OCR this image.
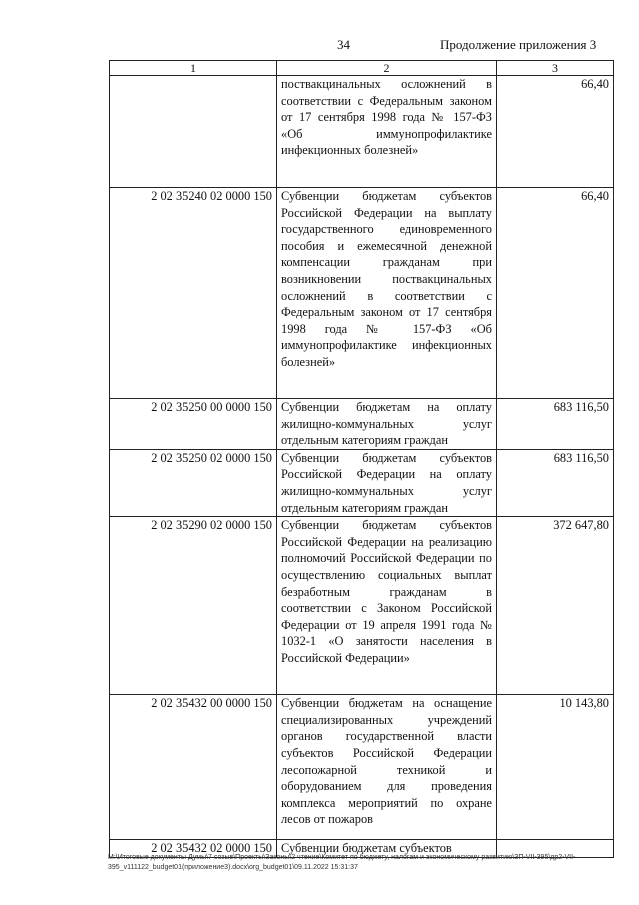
34	Продолжение приложения 3
1	2	3
	поствакцинальных осложнений в соответствии с Федеральным законом от 17 сентября 1998 года № 157-ФЗ «Об иммунопрофилактике инфекционных болезней»	66,40
2 02 35240 02 0000 150	Субвенции бюджетам субъектов Российской Федерации на выплату государственного единовременного пособия и ежемесячной денежной компенсации гражданам при возникновении поствакцинальных осложнений в соответствии с Федеральным законом от 17 сентября 1998 года № 157-ФЗ «Об иммунопрофилактике инфекционных болезней»	66,40
2 02 35250 00 0000 150	Субвенции бюджетам на оплату жилищно-коммунальных услуг отдельным категориям граждан	683 116,50
2 02 35250 02 0000 150	Субвенции бюджетам субъектов Российской Федерации на оплату жилищно-коммунальных услуг отдельным категориям граждан	683 116,50
2 02 35290 02 0000 150	Субвенции бюджетам субъектов Российской Федерации на реализацию полномочий Российской Федерации по осуществлению социальных выплат безработным гражданам в соответствии с Законом Российской Федерации от 19 апреля 1991 года № 1032-1 «О занятости населения в Российской Федерации»	372 647,80
2 02 35432 00 0000 150	Субвенции бюджетам на оснащение специализированных учреждений органов государственной власти субъектов Российской Федерации лесопожарной техникой и оборудованием для проведения комплекса мероприятий по охране лесов от пожаров	10 143,80
2 02 35432 02 0000 150	Субвенции бюджетам субъектов	
М:\Итоговые документы Думы\7 созыв\Проекты\Законы\2 чтение\Комитет по бюджету, налогам и экономическому развитию\ЗП-VII-395\др2-VII-395_v111122_budget01(приложение3).docx\org_budget01\09.11.2022 15:31:37
